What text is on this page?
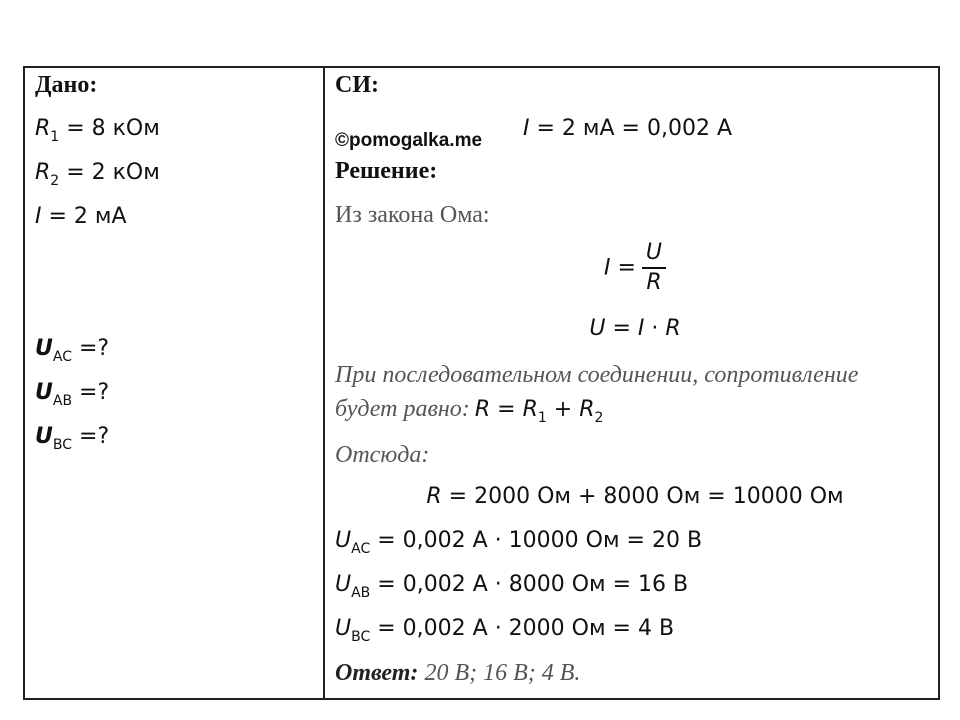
Дано:
$R_1 = 8$ кОм
$R_2 = 2$ кОм
I = 2 мА
$U_{AC}$ =?
$U_{AB}$ =?
$U_{BC}$ =?
СИ:
©pomogalka.me I = 2 мА = 0,002 А
Решение:
Из закона Ома:
$I = \frac{U}{R}$
U = I · R
При последовательном соединении, сопротивление
будет равно: $R = R_1 + R_2$
Отсюда:
R = 2000 Ом + 8000 Ом = 10000 Ом
$U_{AC} = 0,002$ А · 10000 Ом = 20 В
$U_{AB} = 0,002$ А · 8000 Ом = 16 В
$U_{BC} = 0,002$ А · 2000 Ом = 4 В
Ответ: 20 В; 16 В; 4 В.
